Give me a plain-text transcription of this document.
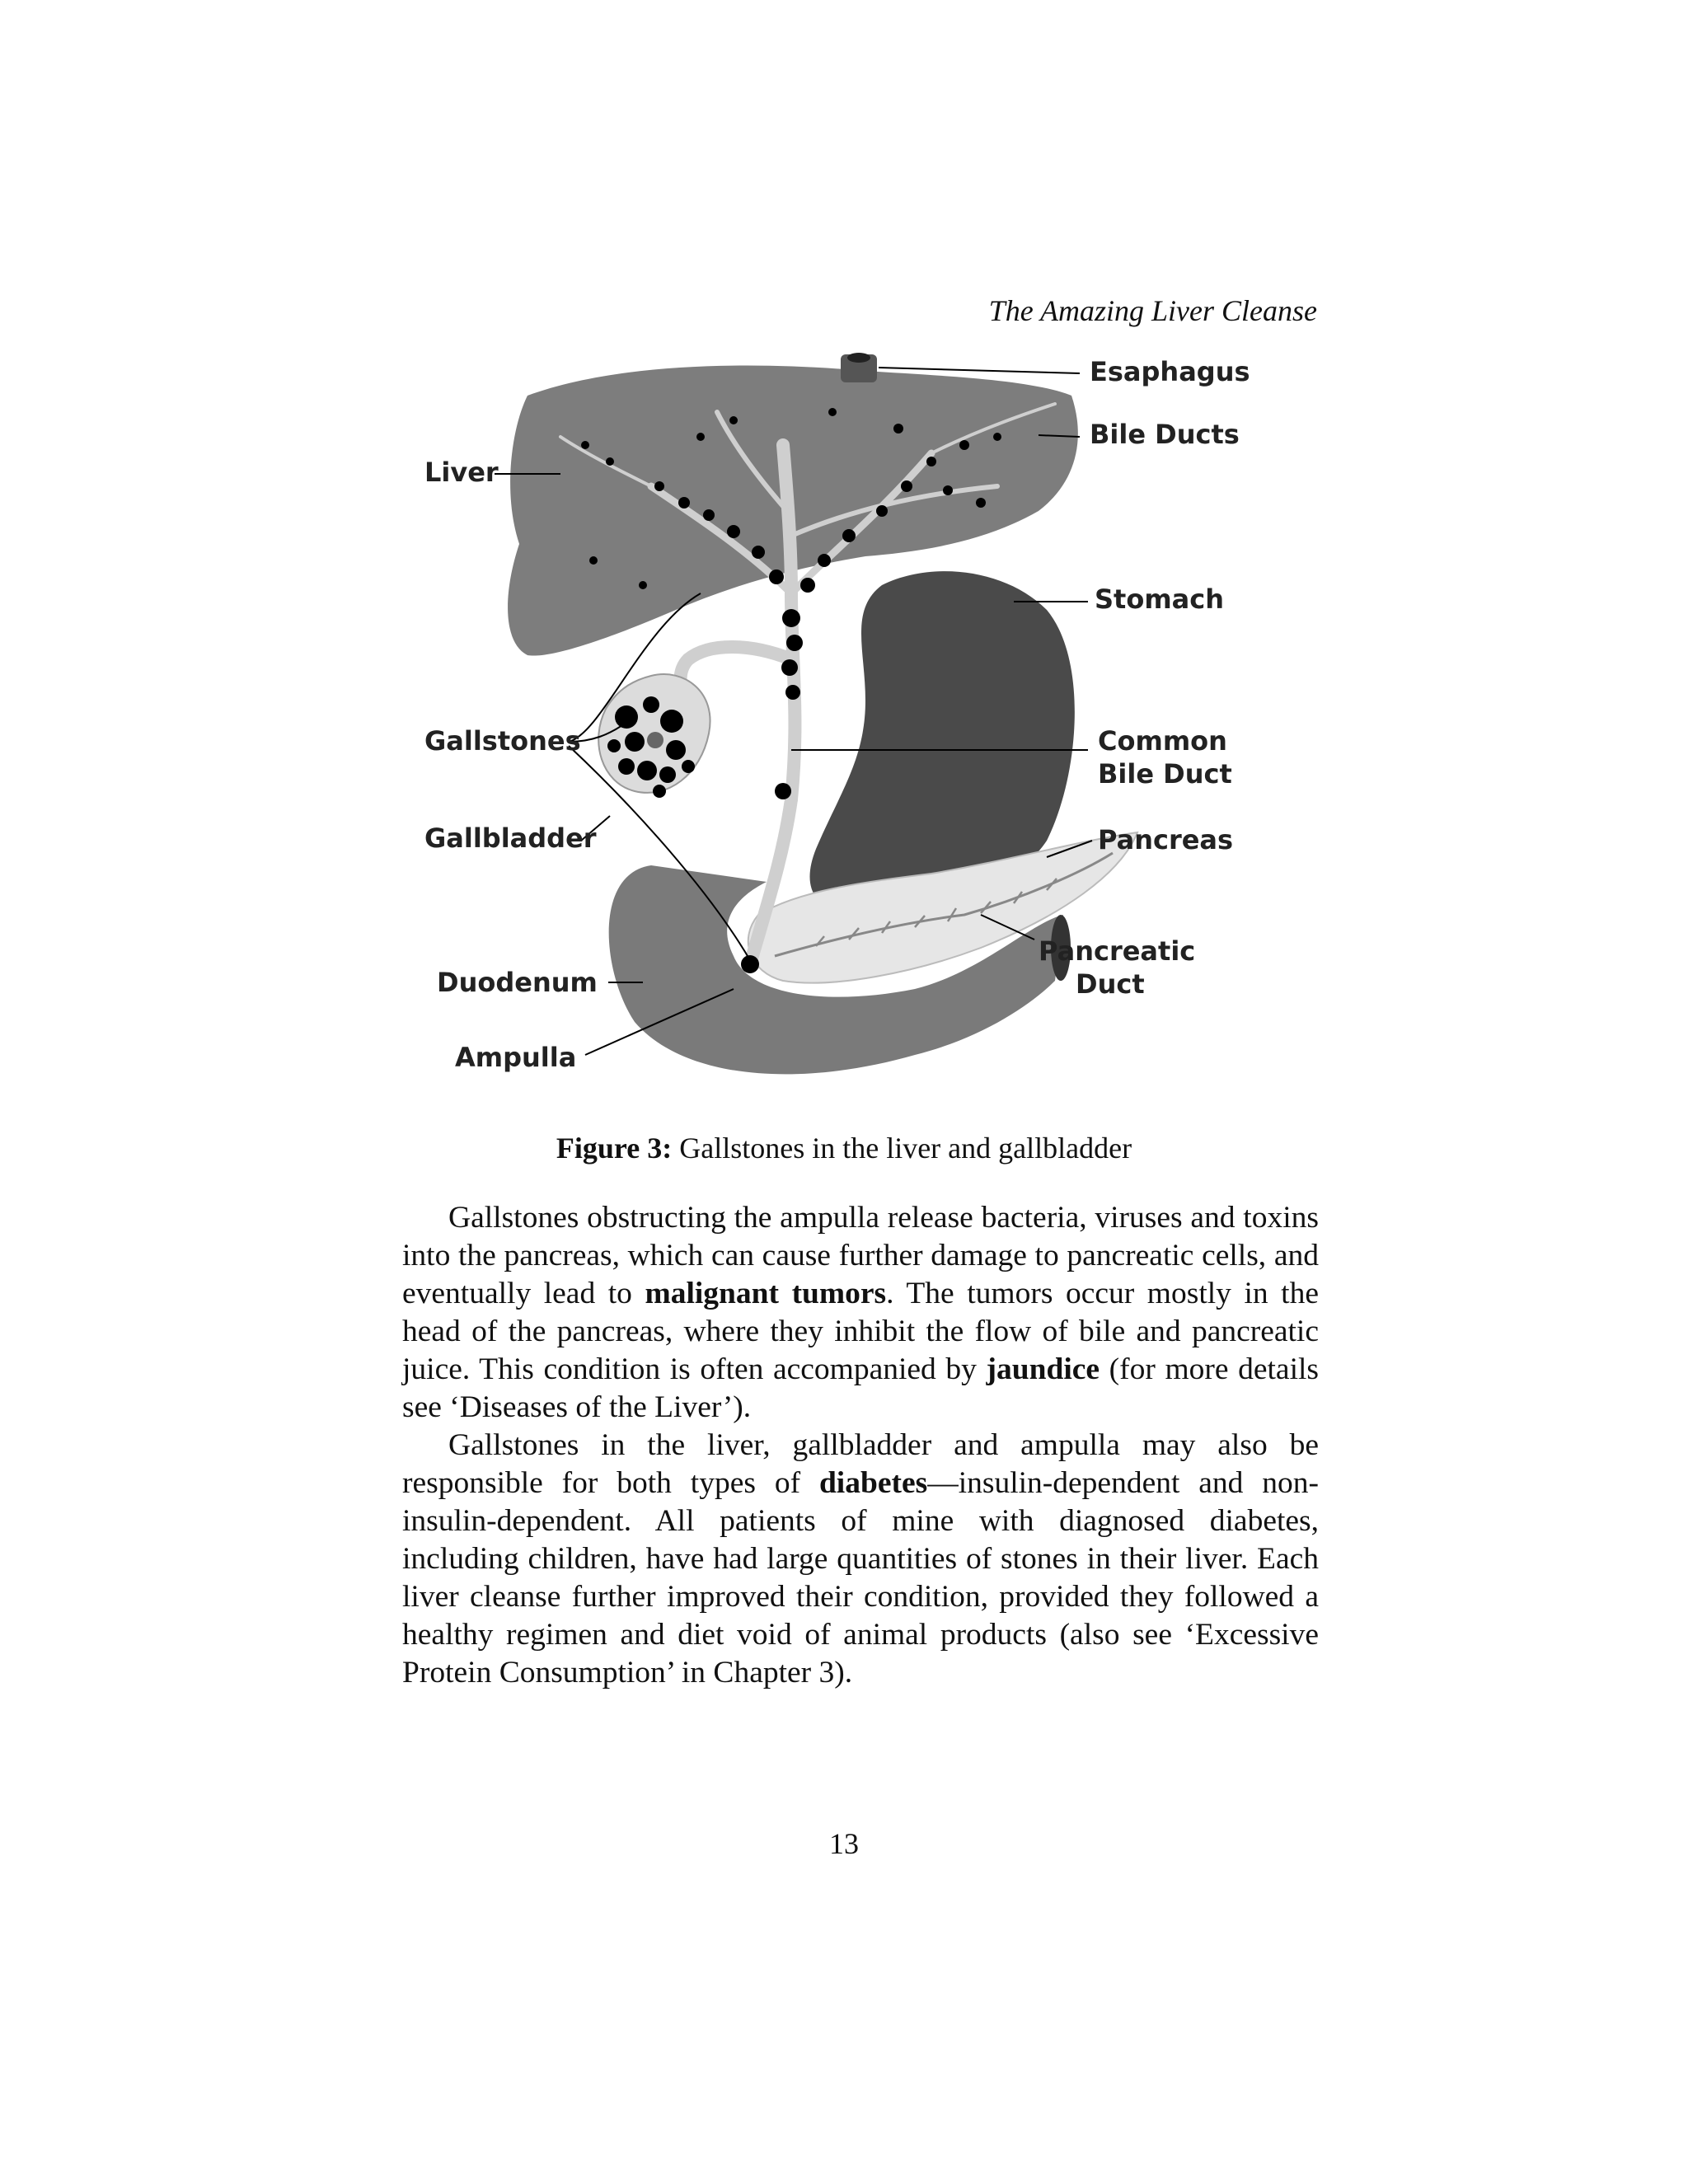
The Amazing Liver Cleanse
Esaphagus
Bile Ducts
Liver
Stomach
Gallstones	Common
Bile Duct
Gallbladder	Pancreas
Pancreatic
Duct
Duodenum
Ampulla
Figure 3: Gallstones in the liver and gallbladder

Gallstones obstructing the ampulla release bacteria, viruses and toxins into the pancreas, which can cause further damage to pancreatic cells, and eventually lead to malignant tumors. The tumors occur mostly in the head of the pancreas, where they inhibit the flow of bile and pancreatic juice. This condition is often accompanied by jaundice (for more details see ‘Diseases of the Liver’).

Gallstones in the liver, gallbladder and ampulla may also be responsible for both types of diabetes—insulin-dependent and non-insulin-dependent. All patients of mine with diagnosed diabetes, including children, have had large quantities of stones in their liver. Each liver cleanse further improved their condition, provided they followed a healthy regimen and diet void of animal products (also see ‘Excessive Protein Consumption’ in Chapter 3).

13
